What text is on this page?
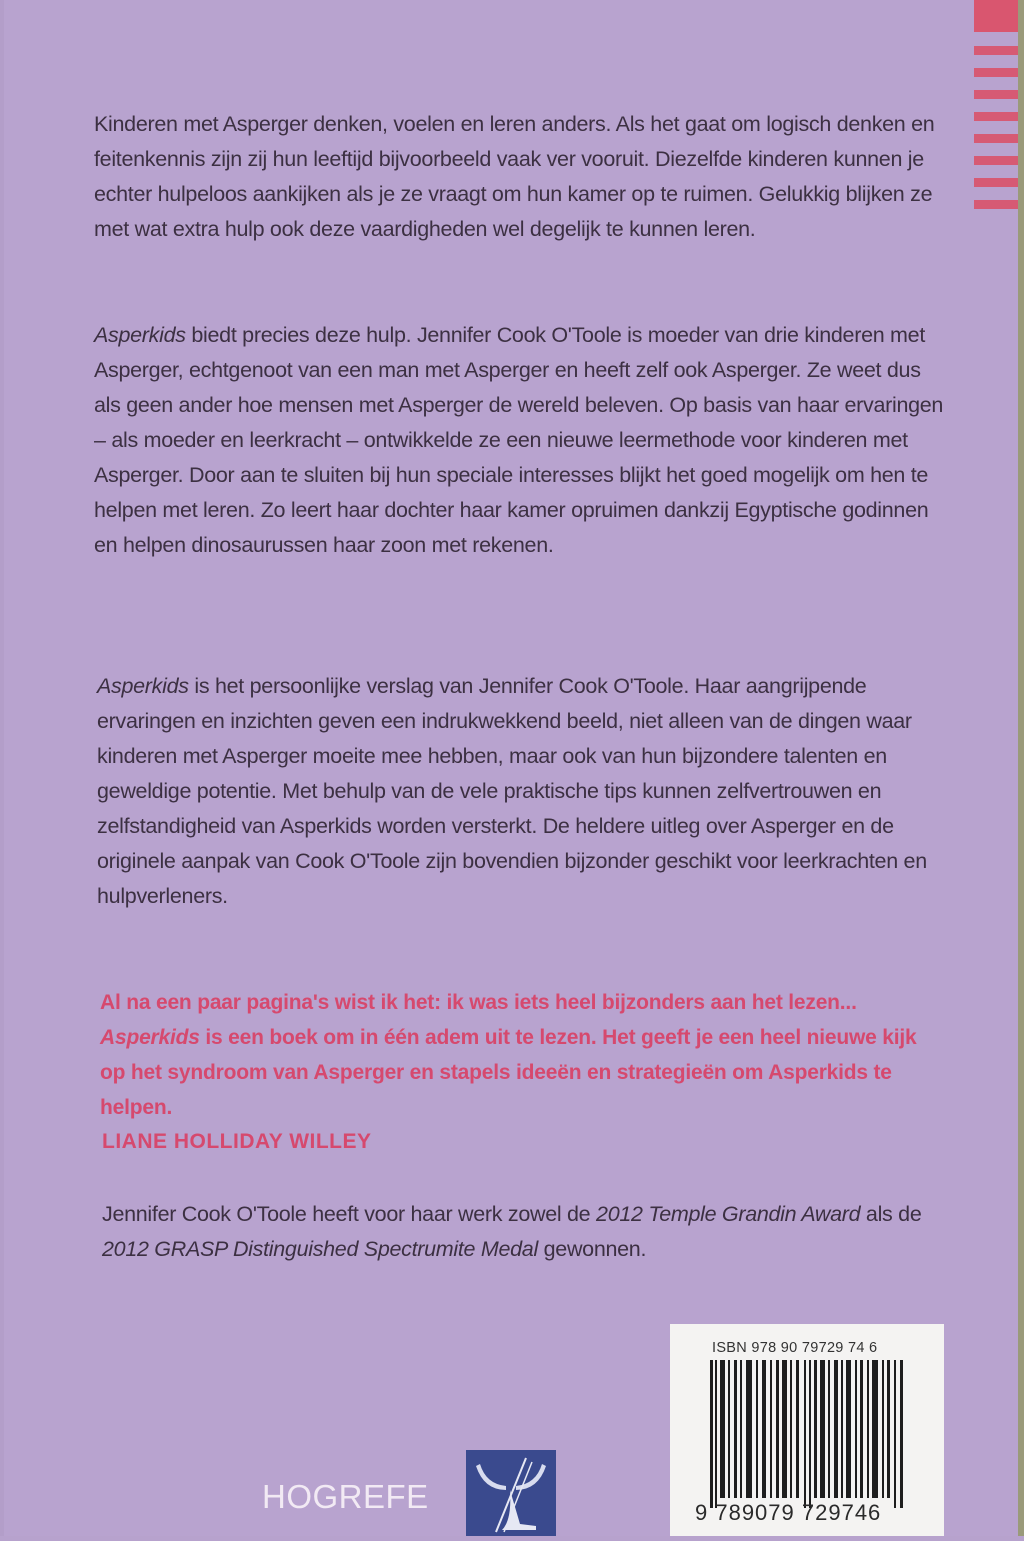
Kinderen met Asperger denken, voelen en leren anders. Als het gaat om logisch denken en feitenkennis zijn zij hun leeftijd bijvoorbeeld vaak ver vooruit. Diezelfde kinderen kunnen je echter hulpeloos aankijken als je ze vraagt om hun kamer op te ruimen. Gelukkig blijken ze met wat extra hulp ook deze vaardigheden wel degelijk te kunnen leren.
Asperkids biedt precies deze hulp. Jennifer Cook O'Toole is moeder van drie kinderen met Asperger, echtgenoot van een man met Asperger en heeft zelf ook Asperger. Ze weet dus als geen ander hoe mensen met Asperger de wereld beleven. Op basis van haar ervaringen – als moeder en leerkracht – ontwikkelde ze een nieuwe leermethode voor kinderen met Asperger. Door aan te sluiten bij hun speciale interesses blijkt het goed mogelijk om hen te helpen met leren. Zo leert haar dochter haar kamer opruimen dankzij Egyptische godinnen en helpen dinosaurussen haar zoon met rekenen.
Asperkids is het persoonlijke verslag van Jennifer Cook O'Toole. Haar aangrijpende ervaringen en inzichten geven een indrukwekkend beeld, niet alleen van de dingen waar kinderen met Asperger moeite mee hebben, maar ook van hun bijzondere talenten en geweldige potentie. Met behulp van de vele praktische tips kunnen zelfvertrouwen en zelfstandigheid van Asperkids worden versterkt. De heldere uitleg over Asperger en de originele aanpak van Cook O'Toole zijn bovendien bijzonder geschikt voor leerkrachten en hulpverleners.
Al na een paar pagina's wist ik het: ik was iets heel bijzonders aan het lezen... Asperkids is een boek om in één adem uit te lezen. Het geeft je een heel nieuwe kijk op het syndroom van Asperger en stapels ideeën en strategieën om Asperkids te helpen.
LIANE HOLLIDAY WILLEY
Jennifer Cook O'Toole heeft voor haar werk zowel de 2012 Temple Grandin Award als de 2012 GRASP Distinguished Spectrumite Medal gewonnen.
ISBN 978 90 79729 74 6
9 789079 729746
HOGREFE
